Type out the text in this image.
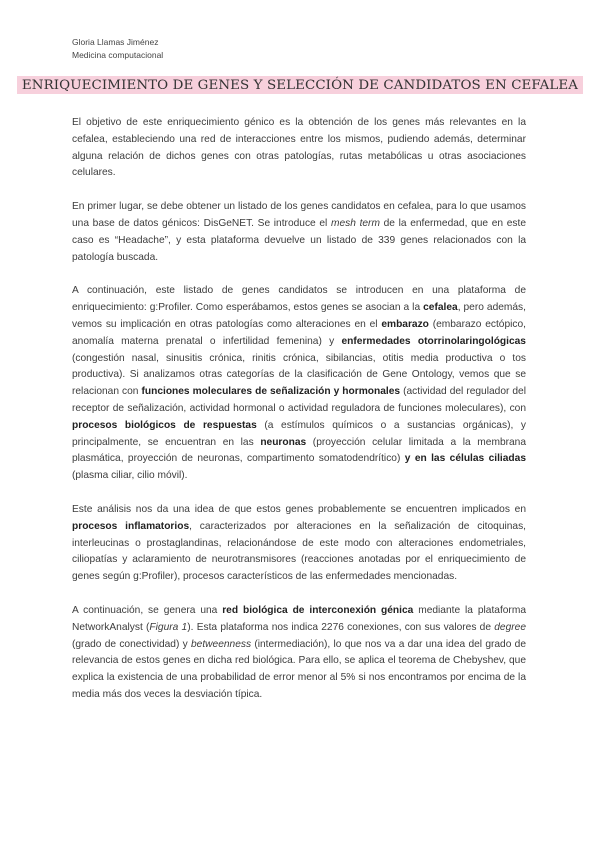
Gloria Llamas Jiménez
Medicina computacional
ENRIQUECIMIENTO DE GENES Y SELECCIÓN DE CANDIDATOS EN CEFALEA

El objetivo de este enriquecimiento génico es la obtención de los genes más relevantes en la cefalea, estableciendo una red de interacciones entre los mismos, pudiendo además, determinar alguna relación de dichos genes con otras patologías, rutas metabólicas u otras asociaciones celulares.

En primer lugar, se debe obtener un listado de los genes candidatos en cefalea, para lo que usamos una base de datos génicos: DisGeNET. Se introduce el mesh term de la enfermedad, que en este caso es “Headache”, y esta plataforma devuelve un listado de 339 genes relacionados con la patología buscada.

A continuación, este listado de genes candidatos se introducen en una plataforma de enriquecimiento: g:Profiler. Como esperábamos, estos genes se asocian a la cefalea, pero además, vemos su implicación en otras patologías como alteraciones en el embarazo (embarazo ectópico, anomalía materna prenatal o infertilidad femenina) y enfermedades otorrinolaringológicas (congestión nasal, sinusitis crónica, rinitis crónica, sibilancias, otitis media productiva o tos productiva). Si analizamos otras categorías de la clasificación de Gene Ontology, vemos que se relacionan con funciones moleculares de señalización y hormonales (actividad del regulador del receptor de señalización, actividad hormonal o actividad reguladora de funciones moleculares), con procesos biológicos de respuestas (a estímulos químicos o a sustancias orgánicas), y principalmente, se encuentran en las neuronas (proyección celular limitada a la membrana plasmática, proyección de neuronas, compartimento somatodendrítico) y en las células ciliadas (plasma ciliar, cilio móvil).

Este análisis nos da una idea de que estos genes probablemente se encuentren implicados en procesos inflamatorios, caracterizados por alteraciones en la señalización de citoquinas, interleucinas o prostaglandinas, relacionándose de este modo con alteraciones endometriales, ciliopatías y aclaramiento de neurotransmisores (reacciones anotadas por el enriquecimiento de genes según g:Profiler), procesos característicos de las enfermedades mencionadas.

A continuación, se genera una red biológica de interconexión génica mediante la plataforma NetworkAnalyst (Figura 1). Esta plataforma nos indica 2276 conexiones, con sus valores de degree (grado de conectividad) y betweenness (intermediación), lo que nos va a dar una idea del grado de relevancia de estos genes en dicha red biológica. Para ello, se aplica el teorema de Chebyshev, que explica la existencia de una probabilidad de error menor al 5% si nos encontramos por encima de la media más dos veces la desviación típica.
